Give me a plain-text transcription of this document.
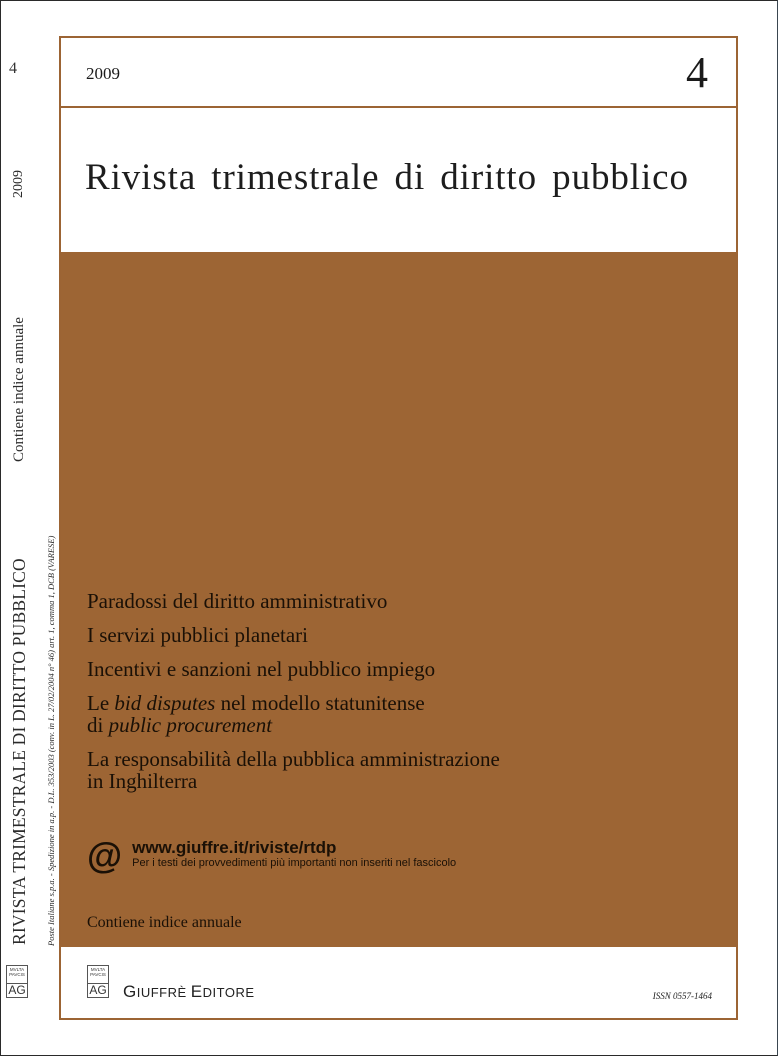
4
2009
Contiene indice annuale
RIVISTA TRIMESTRALE DI DIRITTO PUBBLICO Poste Italiane s.p.a. - Spedizione in a.p. - D.L. 353/2003 (conv. in L. 27/02/2004 n° 46) art. 1, comma 1, DCB (VARESE)
MVLTA
PAVCIS
AG
2009	4
Rivista trimestrale di diritto pubblico
Paradossi del diritto amministrativo
I servizi pubblici planetari
Incentivi e sanzioni nel pubblico impiego
Le bid disputes nel modello statunitense
di public procurement
La responsabilità della pubblica amministrazione
in Inghilterra
@ www.giuffre.it/riviste/rtdp
Per i testi dei provvedimenti più importanti non inseriti nel fascicolo
Contiene indice annuale
MVLTA
PAVCIS
AG GIUFFRÈ EDITORE	ISSN 0557-1464
